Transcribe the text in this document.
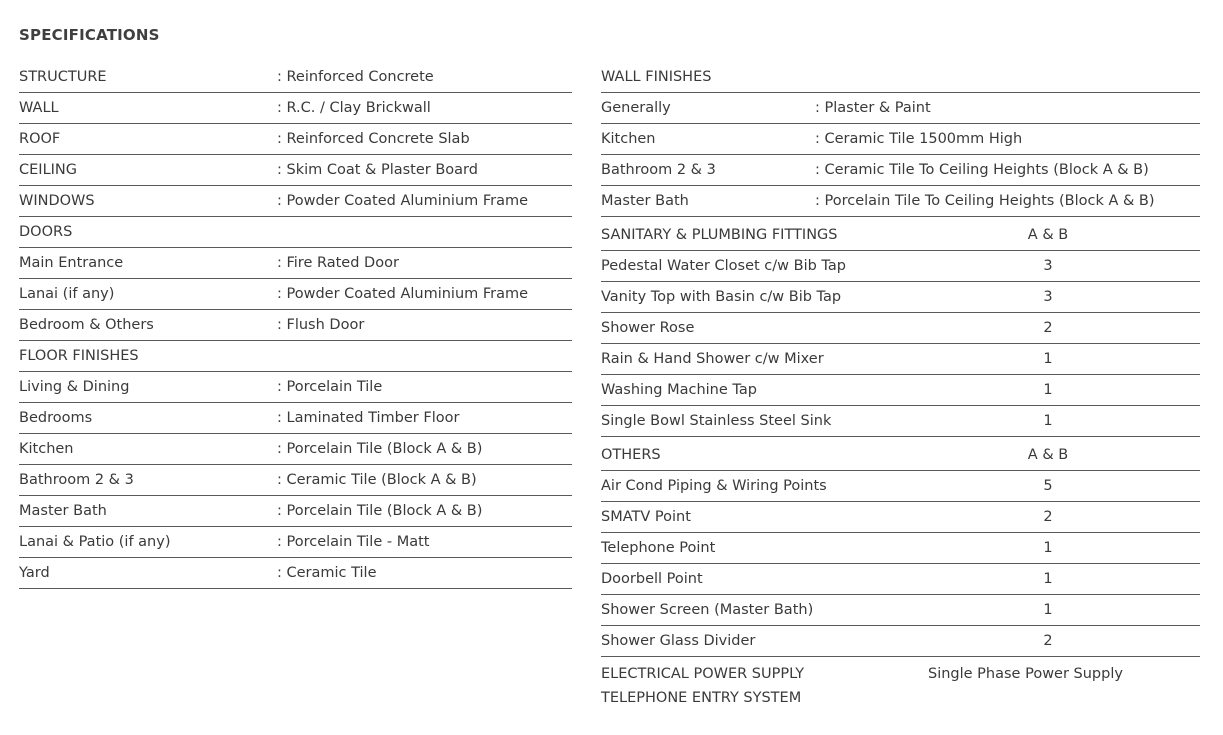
SPECIFICATIONS
STRUCTURE	: Reinforced Concrete
WALL	: R.C. / Clay Brickwall
ROOF	: Reinforced Concrete Slab
CEILING	: Skim Coat & Plaster Board
WINDOWS	: Powder Coated Aluminium Frame
DOORS
Main Entrance	: Fire Rated Door
Lanai (if any)	: Powder Coated Aluminium Frame
Bedroom & Others	: Flush Door
FLOOR FINISHES
Living & Dining	: Porcelain Tile
Bedrooms	: Laminated Timber Floor
Kitchen	: Porcelain Tile (Block A & B)
Bathroom 2 & 3	: Ceramic Tile (Block A & B)
Master Bath	: Porcelain Tile (Block A & B)
Lanai & Patio (if any)	: Porcelain Tile - Matt
Yard	: Ceramic Tile
WALL FINISHES
Generally	: Plaster & Paint
Kitchen	: Ceramic Tile 1500mm High
Bathroom 2 & 3	: Ceramic Tile To Ceiling Heights (Block A & B)
Master Bath	: Porcelain Tile To Ceiling Heights (Block A & B)
SANITARY & PLUMBING FITTINGS	A & B
Pedestal Water Closet c/w Bib Tap	3
Vanity Top with Basin c/w Bib Tap	3
Shower Rose	2
Rain & Hand Shower c/w Mixer	1
Washing Machine Tap	1
Single Bowl Stainless Steel Sink	1
OTHERS	A & B
Air Cond Piping & Wiring Points	5
SMATV Point	2
Telephone Point	1
Doorbell Point	1
Shower Screen (Master Bath)	1
Shower Glass Divider	2
ELECTRICAL POWER SUPPLY	Single Phase Power Supply
TELEPHONE ENTRY SYSTEM
